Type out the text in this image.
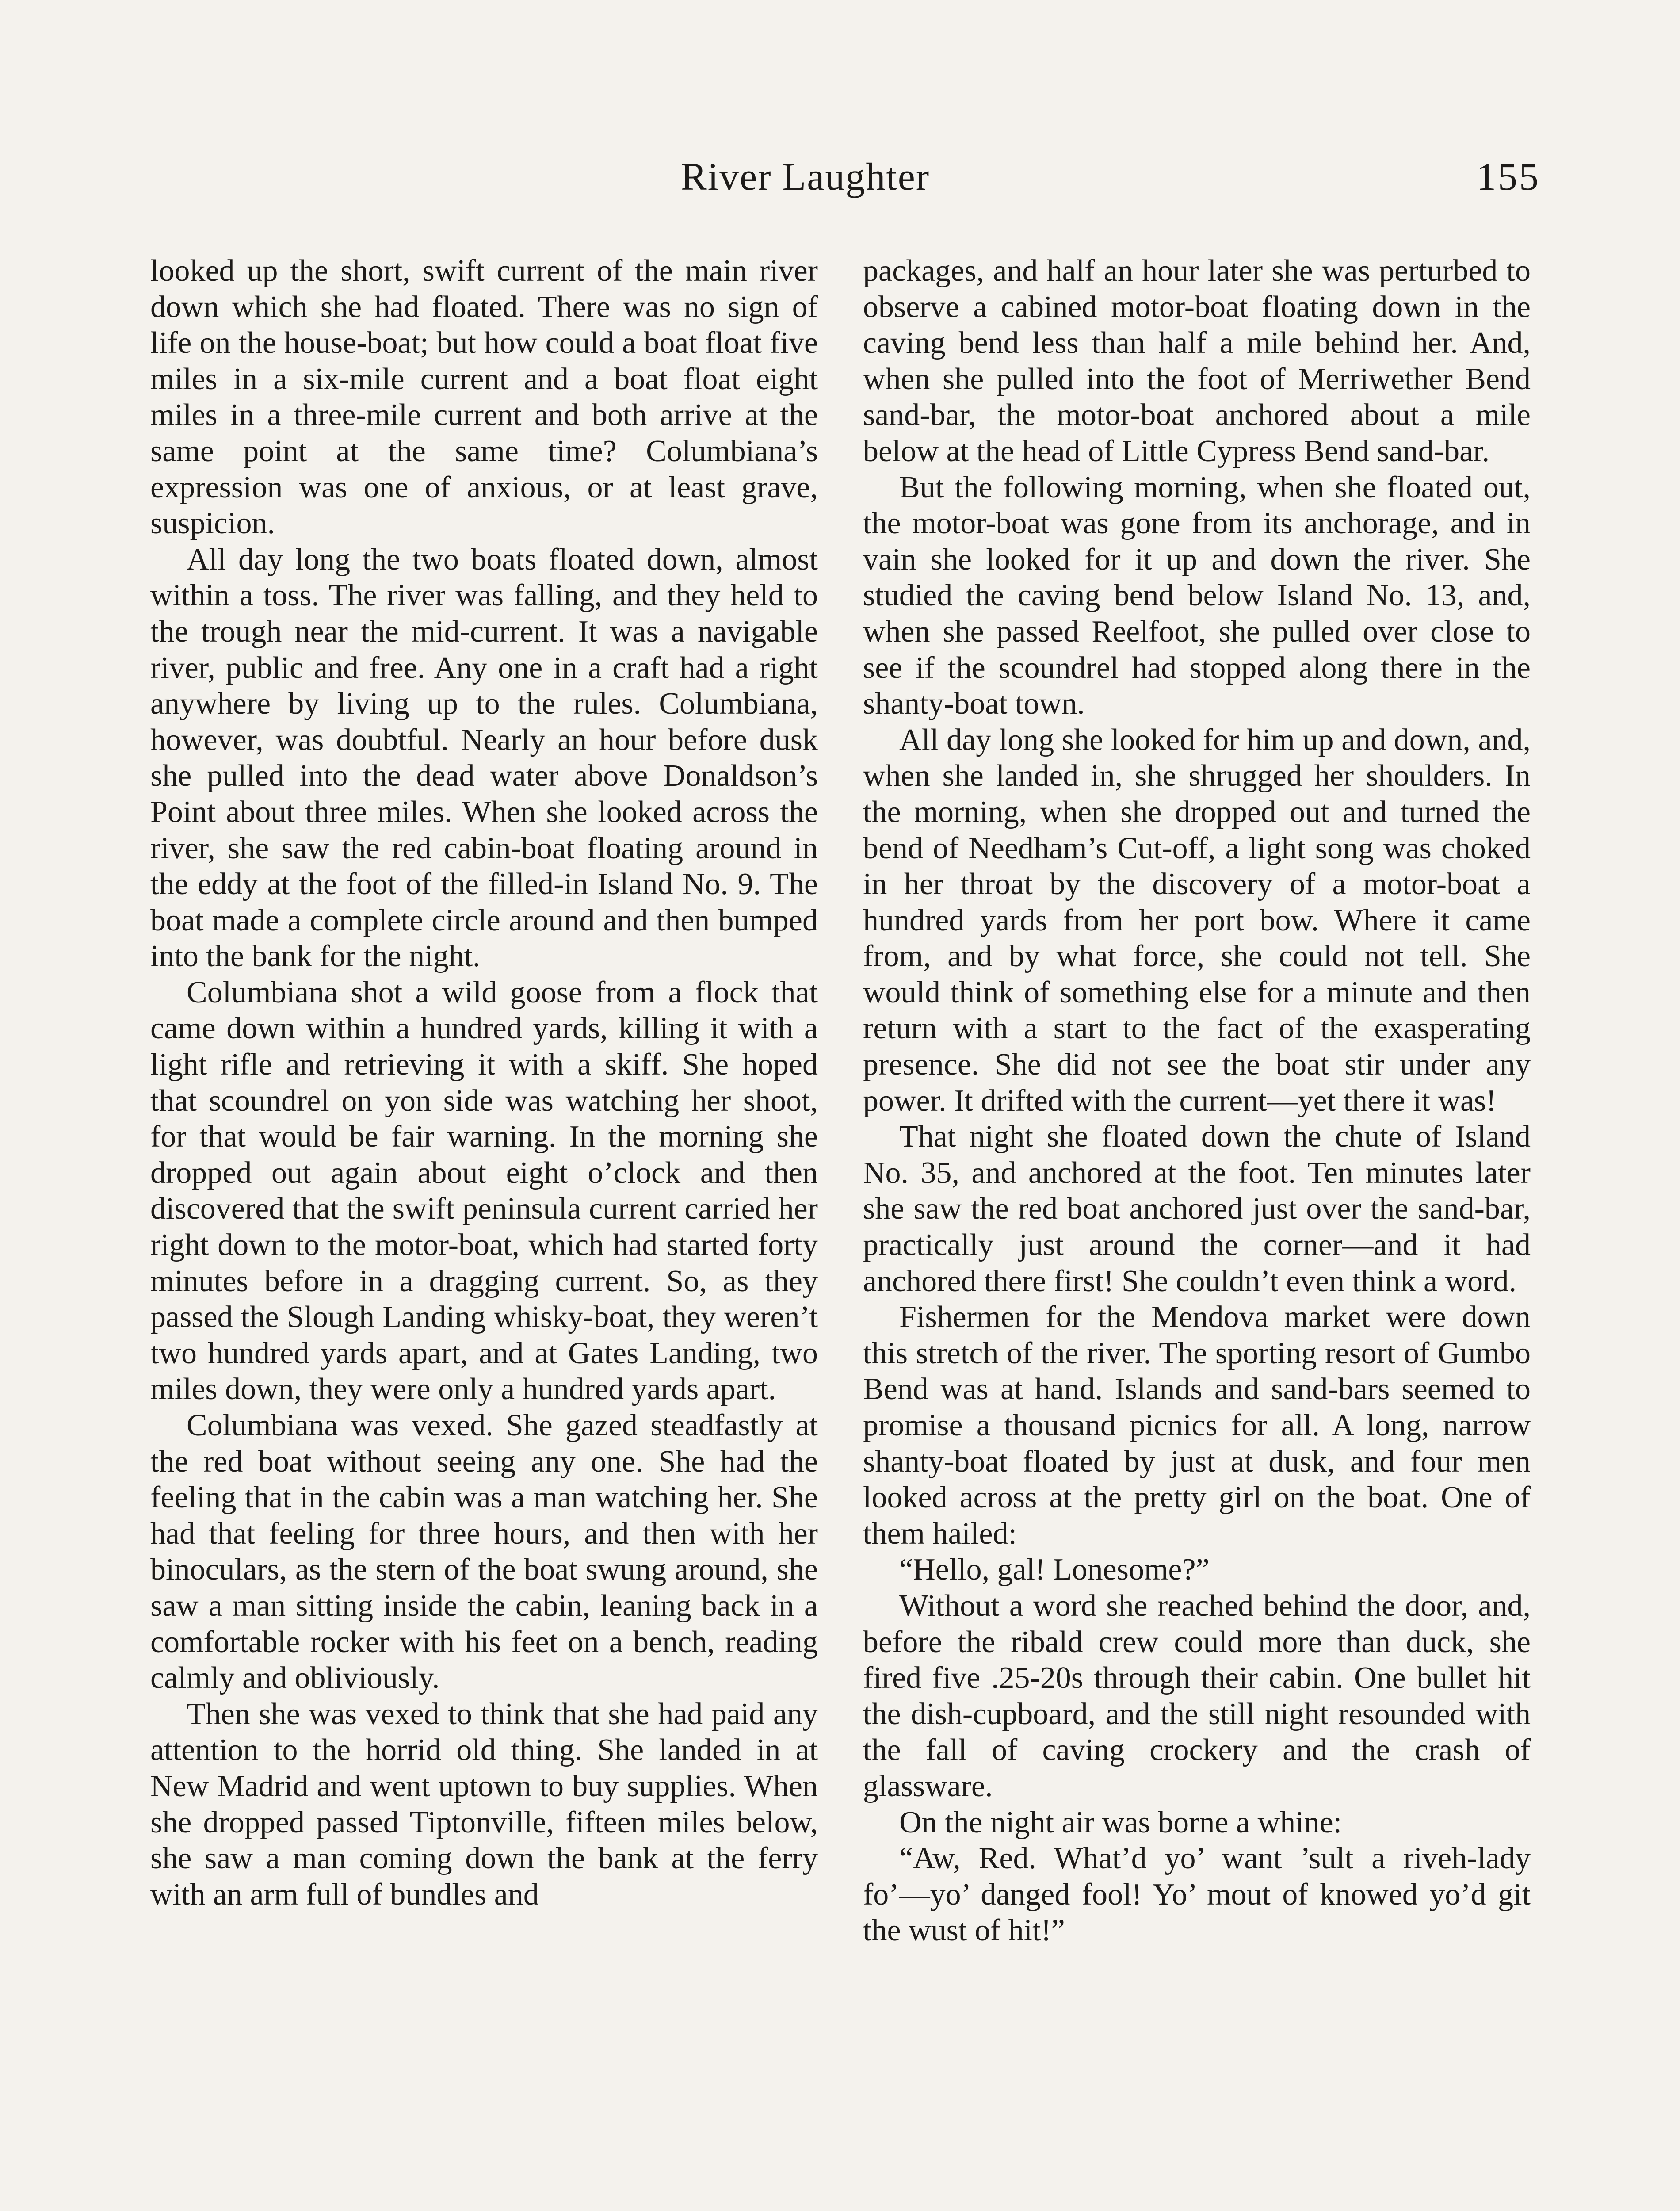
River Laughter	155

looked up the short, swift current of the main river down which she had floated. There was no sign of life on the house-boat; but how could a boat float five miles in a six-mile current and a boat float eight miles in a three-mile current and both arrive at the same point at the same time? Columbiana’s expression was one of anxious, or at least grave, suspicion.

All day long the two boats floated down, almost within a toss. The river was falling, and they held to the trough near the mid-current. It was a navigable river, public and free. Any one in a craft had a right anywhere by living up to the rules. Columbiana, however, was doubtful. Nearly an hour before dusk she pulled into the dead water above Donaldson’s Point about three miles. When she looked across the river, she saw the red cabin-boat floating around in the eddy at the foot of the filled-in Island No. 9. The boat made a complete circle around and then bumped into the bank for the night.

Columbiana shot a wild goose from a flock that came down within a hundred yards, killing it with a light rifle and retrieving it with a skiff. She hoped that scoundrel on yon side was watching her shoot, for that would be fair warning. In the morning she dropped out again about eight o’clock and then discovered that the swift peninsula current carried her right down to the motor-boat, which had started forty minutes before in a dragging current. So, as they passed the Slough Landing whisky-boat, they weren’t two hundred yards apart, and at Gates Landing, two miles down, they were only a hundred yards apart.

Columbiana was vexed. She gazed steadfastly at the red boat without seeing any one. She had the feeling that in the cabin was a man watching her. She had that feeling for three hours, and then with her binoculars, as the stern of the boat swung around, she saw a man sitting inside the cabin, leaning back in a comfortable rocker with his feet on a bench, reading calmly and obliviously.

Then she was vexed to think that she had paid any attention to the horrid old thing. She landed in at New Madrid and went uptown to buy supplies. When she dropped passed Tiptonville, fifteen miles below, she saw a man coming down the bank at the ferry with an arm full of bundles and

packages, and half an hour later she was perturbed to observe a cabined motor-boat floating down in the caving bend less than half a mile behind her. And, when she pulled into the foot of Merriwether Bend sand-bar, the motor-boat anchored about a mile below at the head of Little Cypress Bend sand-bar.

But the following morning, when she floated out, the motor-boat was gone from its anchorage, and in vain she looked for it up and down the river. She studied the caving bend below Island No. 13, and, when she passed Reelfoot, she pulled over close to see if the scoundrel had stopped along there in the shanty-boat town.

All day long she looked for him up and down, and, when she landed in, she shrugged her shoulders. In the morning, when she dropped out and turned the bend of Needham’s Cut-off, a light song was choked in her throat by the discovery of a motor-boat a hundred yards from her port bow. Where it came from, and by what force, she could not tell. She would think of something else for a minute and then return with a start to the fact of the exasperating presence. She did not see the boat stir under any power. It drifted with the current—yet there it was!

That night she floated down the chute of Island No. 35, and anchored at the foot. Ten minutes later she saw the red boat anchored just over the sand-bar, practically just around the corner—and it had anchored there first! She couldn’t even think a word.

Fishermen for the Mendova market were down this stretch of the river. The sporting resort of Gumbo Bend was at hand. Islands and sand-bars seemed to promise a thousand picnics for all. A long, narrow shanty-boat floated by just at dusk, and four men looked across at the pretty girl on the boat. One of them hailed:

“Hello, gal! Lonesome?”

Without a word she reached behind the door, and, before the ribald crew could more than duck, she fired five .25-20s through their cabin. One bullet hit the dish-cupboard, and the still night resounded with the fall of caving crockery and the crash of glassware.

On the night air was borne a whine:

“Aw, Red. What’d yo’ want ’sult a riveh-lady fo’—yo’ danged fool! Yo’ mout of knowed yo’d git the wust of hit!”
